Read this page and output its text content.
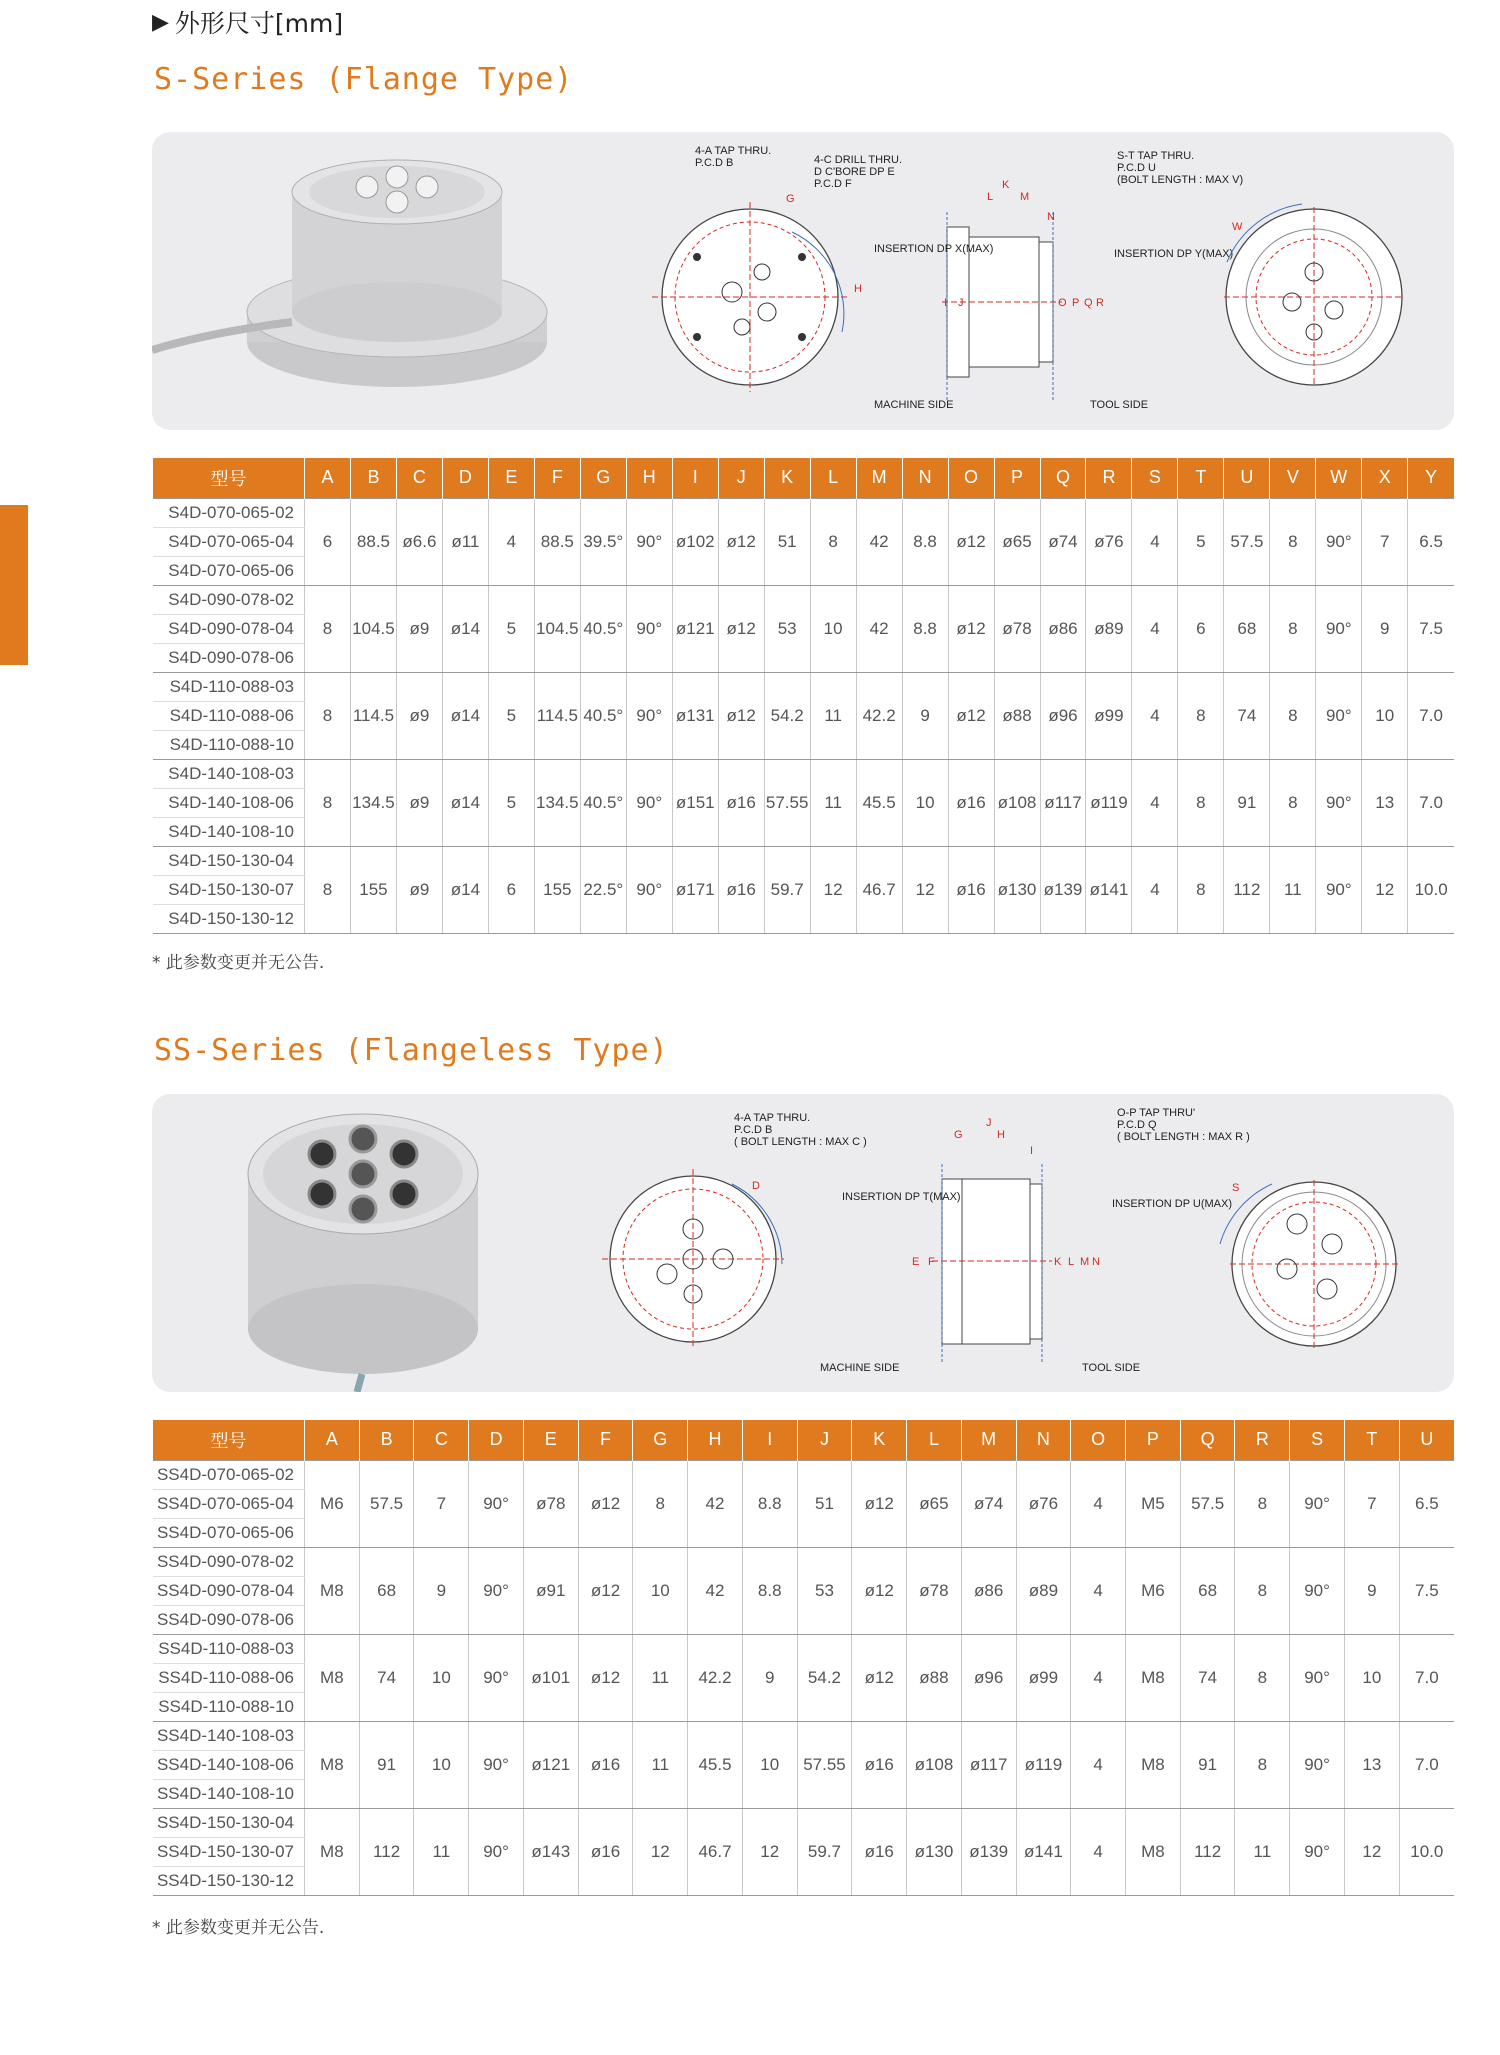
▶ 外形尺寸[mm]
S-Series (Flange Type)
4-A TAP THRU.
P.C.D B	4-C DRILL THRU.
D C'BORE DP E
P.C.D F
G
H
K
L M
N
I J	O P Q R
INSERTION DP X(MAX)	INSERTION DP Y(MAX)
MACHINE SIDE	TOOL SIDE
S-T TAP THRU.
P.C.D U
(BOLT LENGTH : MAX V)
W
型号	A	B	C	D	E	F	G	H	I	J	K	L	M	N	O	P	Q	R	S	T	U	V	W	X	Y
S4D-070-065-02	6	88.5	ø6.6	ø11	4	88.5	39.5°	90°	ø102	ø12	51	8	42	8.8	ø12	ø65	ø74	ø76	4	5	57.5	8	90°	7	6.5
S4D-070-065-04																									
S4D-070-065-06																									
S4D-090-078-02	8	104.5	ø9	ø14	5	104.5	40.5°	90°	ø121	ø12	53	10	42	8.8	ø12	ø78	ø86	ø89	4	6	68	8	90°	9	7.5
S4D-090-078-04																									
S4D-090-078-06																									
S4D-110-088-03	8	114.5	ø9	ø14	5	114.5	40.5°	90°	ø131	ø12	54.2	11	42.2	9	ø12	ø88	ø96	ø99	4	8	74	8	90°	10	7.0
S4D-110-088-06																									
S4D-110-088-10																									
S4D-140-108-03	8	134.5	ø9	ø14	5	134.5	40.5°	90°	ø151	ø16	57.55	11	45.5	10	ø16	ø108	ø117	ø119	4	8	91	8	90°	13	7.0
S4D-140-108-06																									
S4D-140-108-10																									
S4D-150-130-04	8	155	ø9	ø14	6	155	22.5°	90°	ø171	ø16	59.7	12	46.7	12	ø16	ø130	ø139	ø141	4	8	112	11	90°	12	10.0
S4D-150-130-07																									
S4D-150-130-12																									
* 此参数变更并无公告.
SS-Series (Flangeless Type)
4-A TAP THRU.
P.C.D B
( BOLT LENGTH : MAX C )
D
J
G	H
I
E F	K L M N
INSERTION DP T(MAX)
INSERTION DP U(MAX)
MACHINE SIDE	TOOL SIDE
O-P TAP THRU'
P.C.D Q
( BOLT LENGTH : MAX R )
S
型号	A	B	C	D	E	F	G	H	I	J	K	L	M	N	O	P	Q	R	S	T	U
SS4D-070-065-02	M6	57.5	7	90°	ø78	ø12	8	42	8.8	51	ø12	ø65	ø74	ø76	4	M5	57.5	8	90°	7	6.5
SS4D-070-065-04																					
SS4D-070-065-06																					
SS4D-090-078-02	M8	68	9	90°	ø91	ø12	10	42	8.8	53	ø12	ø78	ø86	ø89	4	M6	68	8	90°	9	7.5
SS4D-090-078-04																					
SS4D-090-078-06																					
SS4D-110-088-03	M8	74	10	90°	ø101	ø12	11	42.2	9	54.2	ø12	ø88	ø96	ø99	4	M8	74	8	90°	10	7.0
SS4D-110-088-06																					
SS4D-110-088-10																					
SS4D-140-108-03	M8	91	10	90°	ø121	ø16	11	45.5	10	57.55	ø16	ø108	ø117	ø119	4	M8	91	8	90°	13	7.0
SS4D-140-108-06																					
SS4D-140-108-10																					
SS4D-150-130-04	M8	112	11	90°	ø143	ø16	12	46.7	12	59.7	ø16	ø130	ø139	ø141	4	M8	112	11	90°	12	10.0
SS4D-150-130-07																					
SS4D-150-130-12																					
* 此参数变更并无公告.
